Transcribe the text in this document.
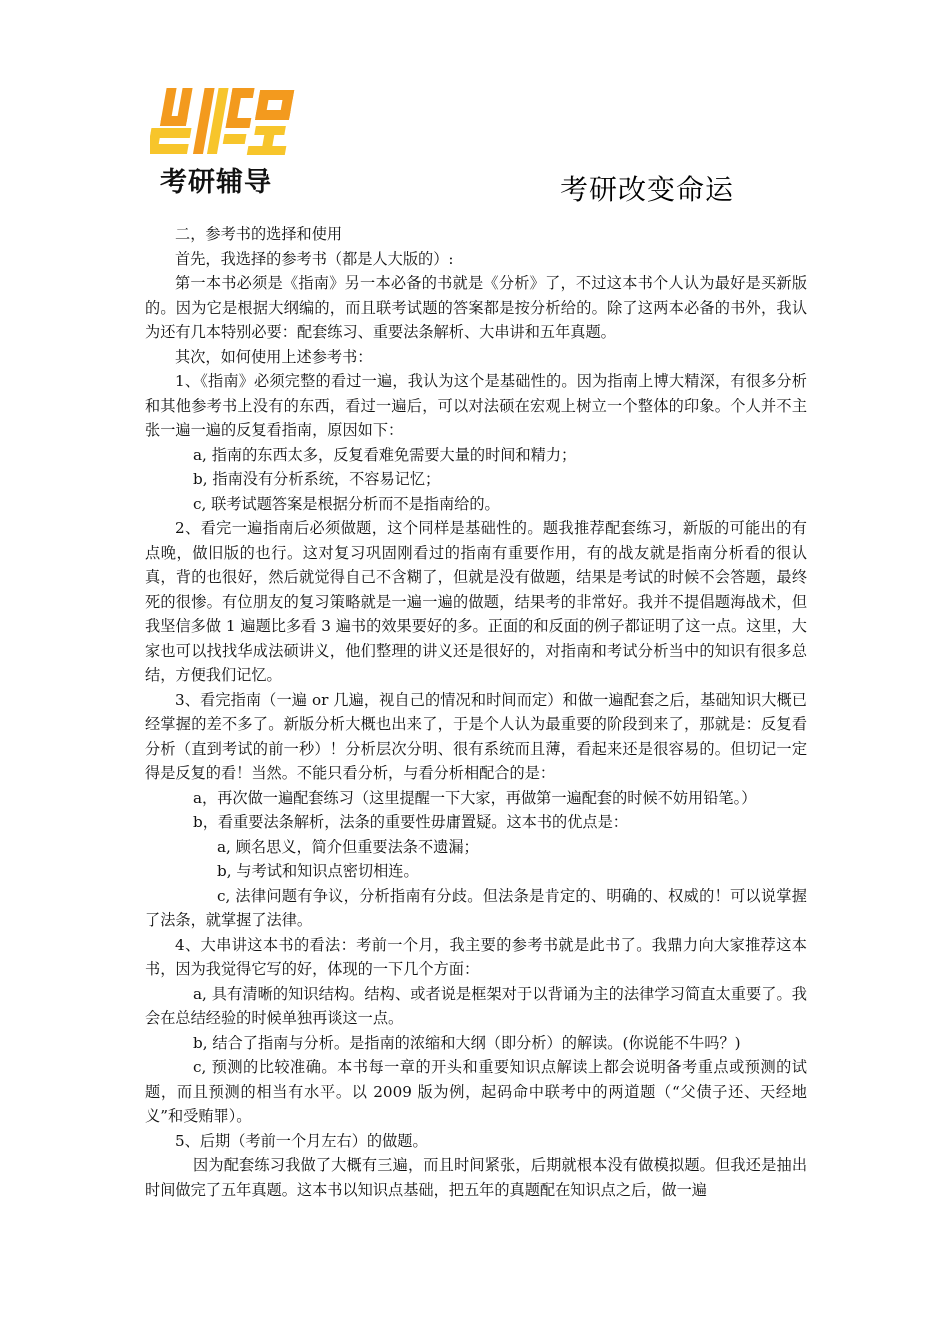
考研辅导	考研改变命运

二，参考书的选择和使用

首先，我选择的参考书（都是人大版的）:

第一本书必须是《指南》另一本必备的书就是《分析》了，不过这本书个人认为最好是买新版的。因为它是根据大纲编的，而且联考试题的答案都是按分析给的。除了这两本必备的书外，我认为还有几本特别必要：配套练习、重要法条解析、大串讲和五年真题。

其次，如何使用上述参考书：

1、《指南》必须完整的看过一遍，我认为这个是基础性的。因为指南上博大精深，有很多分析和其他参考书上没有的东西，看过一遍后，可以对法硕在宏观上树立一个整体的印象。个人并不主张一遍一遍的反复看指南，原因如下：

a, 指南的东西太多，反复看难免需要大量的时间和精力；

b, 指南没有分析系统，不容易记忆；

c, 联考试题答案是根据分析而不是指南给的。

2、看完一遍指南后必须做题，这个同样是基础性的。题我推荐配套练习，新版的可能出的有点晚，做旧版的也行。这对复习巩固刚看过的指南有重要作用，有的战友就是指南分析看的很认真，背的也很好，然后就觉得自己不含糊了，但就是没有做题，结果是考试的时候不会答题，最终死的很惨。有位朋友的复习策略就是一遍一遍的做题，结果考的非常好。我并不提倡题海战术，但我坚信多做 1 遍题比多看 3 遍书的效果要好的多。正面的和反面的例子都证明了这一点。这里，大家也可以找找华成法硕讲义，他们整理的讲义还是很好的，对指南和考试分析当中的知识有很多总结，方便我们记忆。

3、看完指南（一遍 or 几遍，视自己的情况和时间而定）和做一遍配套之后，基础知识大概已经掌握的差不多了。新版分析大概也出来了，于是个人认为最重要的阶段到来了，那就是：反复看分析（直到考试的前一秒）！分析层次分明、很有系统而且薄，看起来还是很容易的。但切记一定得是反复的看！当然。不能只看分析，与看分析相配合的是：

a，再次做一遍配套练习（这里提醒一下大家，再做第一遍配套的时候不妨用铅笔。）

b，看重要法条解析，法条的重要性毋庸置疑。这本书的优点是：

a, 顾名思义，简介但重要法条不遗漏；

b, 与考试和知识点密切相连。

c, 法律问题有争议，分析指南有分歧。但法条是肯定的、明确的、权威的！可以说掌握了法条，就掌握了法律。

4、大串讲这本书的看法：考前一个月，我主要的参考书就是此书了。我鼎力向大家推荐这本书，因为我觉得它写的好，体现的一下几个方面：

a, 具有清晰的知识结构。结构、或者说是框架对于以背诵为主的法律学习简直太重要了。我会在总结经验的时候单独再谈这一点。

b, 结合了指南与分析。是指南的浓缩和大纲（即分析）的解读。(你说能不牛吗？)

c, 预测的比较准确。本书每一章的开头和重要知识点解读上都会说明备考重点或预测的试题，而且预测的相当有水平。以 2009 版为例，起码命中联考中的两道题（“父债子还、天经地义”和受贿罪）。

5、后期（考前一个月左右）的做题。

因为配套练习我做了大概有三遍，而且时间紧张，后期就根本没有做模拟题。但我还是抽出时间做完了五年真题。这本书以知识点基础，把五年的真题配在知识点之后，做一遍
